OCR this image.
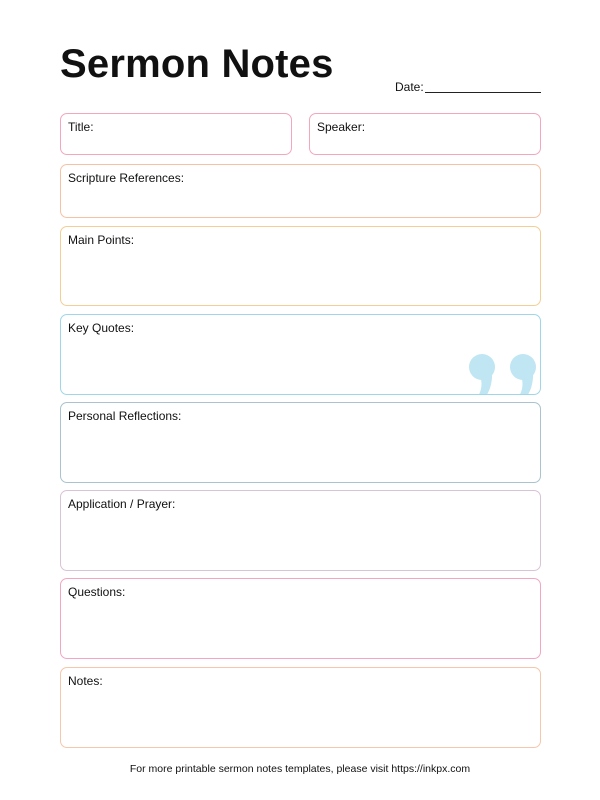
Sermon Notes
Date:
Title:	Speaker:
Scripture References:
Main Points:
Key Quotes:
Personal Reflections:
Application / Prayer:
Questions:
Notes:
For more printable sermon notes templates, please visit https://inkpx.com
